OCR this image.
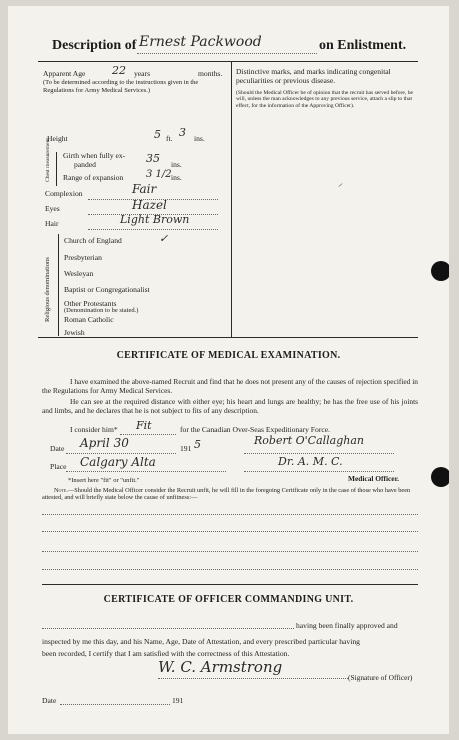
Description of Ernest Packwood	on Enlistment.
Apparent Age 22 years	months.
(To be determined according to the instructions given in the Regulations for Army Medical Services.)
Distinctive marks, and marks indicating congenital peculiarities or previous disease.
(Should the Medical Officer be of opinion that the recruit has served before, he will, unless the man acknowledges to any previous service, attach a slip to that effect, for the information of the Approving Officer).
⸝
Height	5 ft. 3 ins.
Chest measurement Girth when fully ex-
panded	35 ins.
Range of expansion 3 1/2 ins.
Complexion	Fair
Eyes	Hazel
Hair	Light Brown
Religious denominations
Church of England	✓
Presbyterian
Wesleyan
Baptist or Congregationalist
Other Protestants
(Denomination to be stated.)
Roman Catholic
Jewish
CERTIFICATE OF MEDICAL EXAMINATION.
I have examined the above-named Recruit and find that he does not present any of the causes of rejection specified in the Regulations for Army Medical Services.
He can see at the required distance with either eye; his heart and lungs are healthy; he has the free use of his joints and limbs, and he declares that he is not subject to fits of any description.
I consider him* Fit	for the Canadian Over-Seas Expeditionary Force.
Date April 30	191 5	Robert O'Callaghan
Place Calgary Alta	Dr. A. M. C.
Medical Officer.
*Insert here "fit" or "unfit."
Note.—Should the Medical Officer consider the Recruit unfit, he will fill in the foregoing Certificate only in the case of those who have been attested, and will briefly state below the cause of unfitness:—
CERTIFICATE OF OFFICER COMMANDING UNIT.
having been finally approved and
inspected by me this day, and his Name, Age, Date of Attestation, and every prescribed particular having
been recorded, I certify that I am satisfied with the correctness of this Attestation.
W. C. Armstrong
(Signature of Officer)
Date	191
